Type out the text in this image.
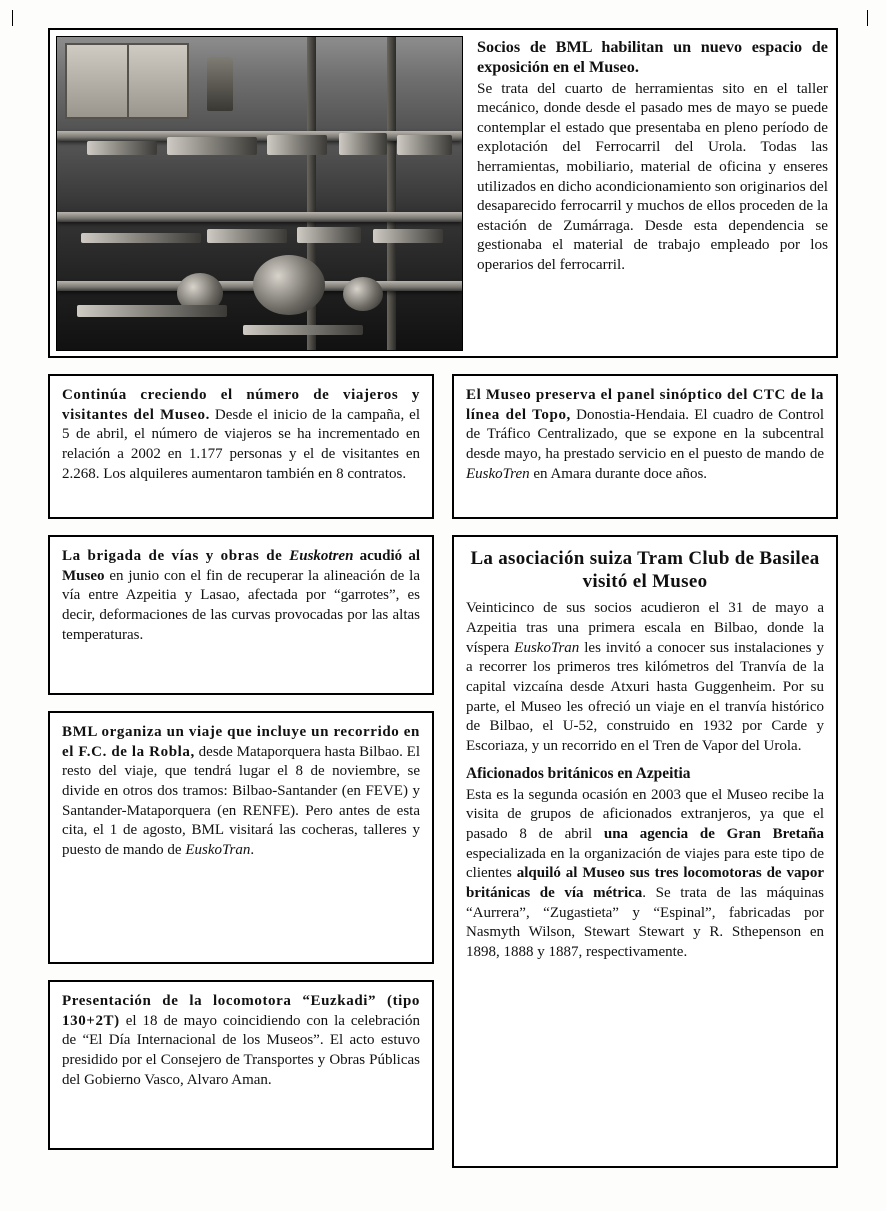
Socios de BML habilitan un nuevo espacio de exposición en el Museo.
Se trata del cuarto de herramientas sito en el taller mecánico, donde desde el pasado mes de mayo se puede contemplar el estado que presentaba en pleno período de explotación del Ferrocarril del Urola. Todas las herramientas, mobiliario, material de oficina y enseres utilizados en dicho acondicionamiento son originarios del desaparecido ferrocarril y muchos de ellos proceden de la estación de Zumárraga. Desde esta dependencia se gestionaba el material de trabajo empleado por los operarios del ferrocarril.
Continúa creciendo el número de viajeros y visitantes del Museo. Desde el inicio de la campaña, el 5 de abril, el número de viajeros se ha incrementado en relación a 2002 en 1.177 personas y el de visitantes en 2.268. Los alquileres aumentaron también en 8 contratos.
El Museo preserva el panel sinóptico del CTC de la línea del Topo, Donostia-Hendaia. El cuadro de Control de Tráfico Centralizado, que se expone en la subcentral desde mayo, ha prestado servicio en el puesto de mando de EuskoTren en Amara durante doce años.
La brigada de vías y obras de Euskotren acudió al Museo en junio con el fin de recuperar la alineación de la vía entre Azpeitia y Lasao, afectada por “garrotes”, es decir, deformaciones de las curvas provocadas por las altas temperaturas.
BML organiza un viaje que incluye un recorrido en el F.C. de la Robla, desde Mataporquera hasta Bilbao. El resto del viaje, que tendrá lugar el 8 de noviembre, se divide en otros dos tramos: Bilbao-Santander (en FEVE) y Santander-Mataporquera (en RENFE). Pero antes de esta cita, el 1 de agosto, BML visitará las cocheras, talleres y puesto de mando de EuskoTran.
Presentación de la locomotora “Euzkadi” (tipo 130+2T) el 18 de mayo coincidiendo con la celebración de “El Día Internacional de los Museos”. El acto estuvo presidido por el Consejero de Transportes y Obras Públicas del Gobierno Vasco, Alvaro Aman.
La asociación suiza Tram Club de Basilea visitó el Museo

Veinticinco de sus socios acudieron el 31 de mayo a Azpeitia tras una primera escala en Bilbao, donde la víspera EuskoTran les invitó a conocer sus instalaciones y a recorrer los primeros tres kilómetros del Tranvía de la capital vizcaína desde Atxuri hasta Guggenheim. Por su parte, el Museo les ofreció un viaje en el tranvía histórico de Bilbao, el U-52, construido en 1932 por Carde y Escoriaza, y un recorrido en el Tren de Vapor del Urola.

Aficionados británicos en Azpeitia

Esta es la segunda ocasión en 2003 que el Museo recibe la visita de grupos de aficionados extranjeros, ya que el pasado 8 de abril una agencia de Gran Bretaña especializada en la organización de viajes para este tipo de clientes alquiló al Museo sus tres locomotoras de vapor británicas de vía métrica. Se trata de las máquinas “Aurrera”, “Zugastieta” y “Espinal”, fabricadas por Nasmyth Wilson, Stewart Stewart y R. Sthepenson en 1898, 1888 y 1887, respectivamente.
